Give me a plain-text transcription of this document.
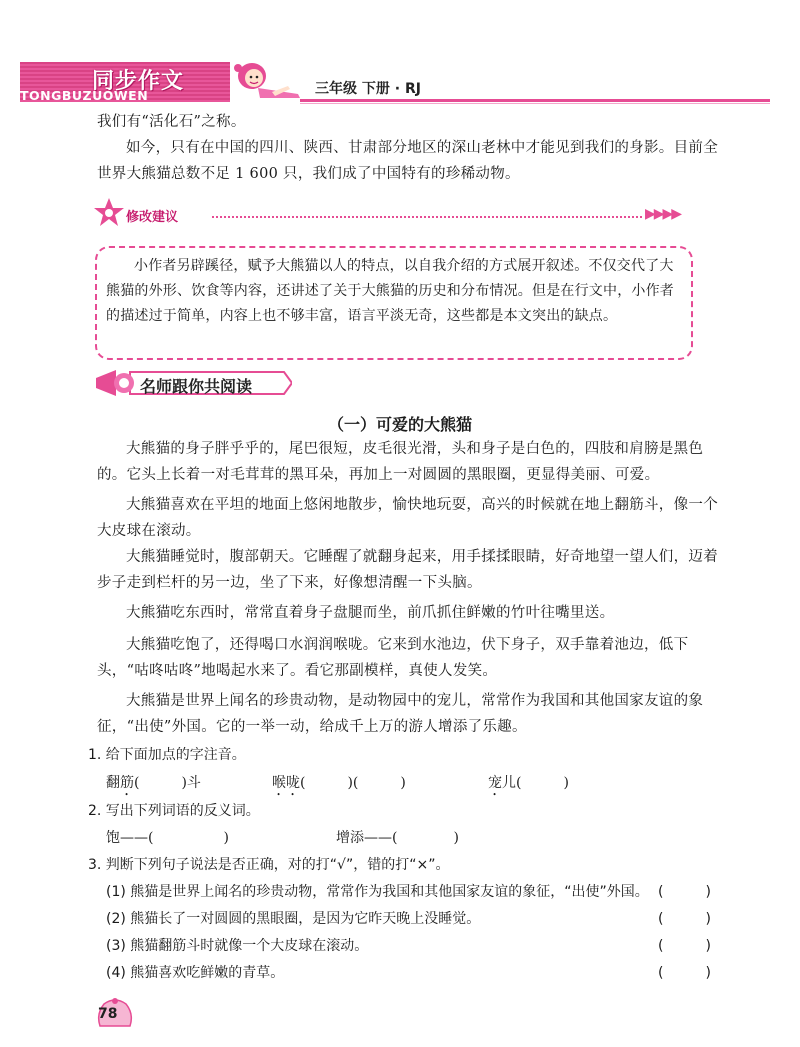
同步作文
TONGBUZUOWEN	三年级 下册 · RJ

我们有“活化石”之称。

如今，只有在中国的四川、陕西、甘肃部分地区的深山老林中才能见到我们的身影。目前全世界大熊猫总数不足 1 600 只，我们成了中国特有的珍稀动物。

修改建议	▶▶▶▶
小作者另辟蹊径，赋予大熊猫以人的特点，以自我介绍的方式展开叙述。不仅交代了大熊猫的外形、饮食等内容，还讲述了关于大熊猫的历史和分布情况。但是在行文中，小作者的描述过于简单，内容上也不够丰富，语言平淡无奇，这些都是本文突出的缺点。
名师跟你共阅读
（一）可爱的大熊猫

大熊猫的身子胖乎乎的，尾巴很短，皮毛很光滑，头和身子是白色的，四肢和肩膀是黑色的。它头上长着一对毛茸茸的黑耳朵，再加上一对圆圆的黑眼圈，更显得美丽、可爱。

大熊猫喜欢在平坦的地面上悠闲地散步，愉快地玩耍，高兴的时候就在地上翻筋斗，像一个大皮球在滚动。

大熊猫睡觉时，腹部朝天。它睡醒了就翻身起来，用手揉揉眼睛，好奇地望一望人们，迈着步子走到栏杆的另一边，坐了下来，好像想清醒一下头脑。

大熊猫吃东西时，常常直着身子盘腿而坐，前爪抓住鲜嫩的竹叶往嘴里送。

大熊猫吃饱了，还得喝口水润润喉咙。它来到水池边，伏下身子，双手靠着池边，低下头，“咕咚咕咚”地喝起水来了。看它那副模样，真使人发笑。

大熊猫是世界上闻名的珍贵动物，是动物园中的宠儿，常常作为我国和其他国家友谊的象征，“出使”外国。它的一举一动，给成千上万的游人增添了乐趣。

1. 给下面加点的字注音。
翻筋(　　　)斗	喉咙(　　　)(　　　)	宠儿(　　　)
2. 写出下列词语的反义词。
饱——(　　　　　)	增添——(　　　　)
3. 判断下列句子说法是否正确，对的打“√”，错的打“×”。
(1) 熊猫是世界上闻名的珍贵动物，常常作为我国和其他国家友谊的象征，“出使”外国。 (　　　)
(2) 熊猫长了一对圆圆的黑眼圈，是因为它昨天晚上没睡觉。	(　　　)
(3) 熊猫翻筋斗时就像一个大皮球在滚动。	(　　　)
(4) 熊猫喜欢吃鲜嫩的青草。	(　　　)
78
